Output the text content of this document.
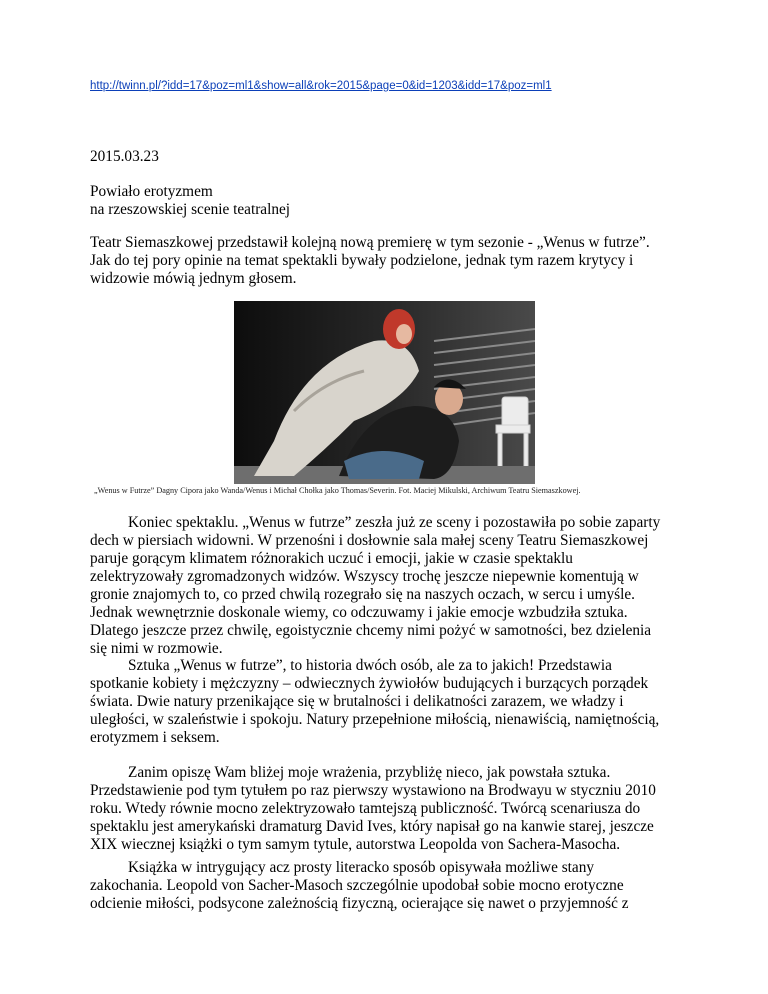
http://twinn.pl/?idd=17&poz=ml1&show=all&rok=2015&page=0&id=1203&idd=17&poz=ml1
2015.03.23
Powiało erotyzmem
na rzeszowskiej scenie teatralnej
Teatr Siemaszkowej przedstawił kolejną nową premierę w tym sezonie - „Wenus w futrze”.
Jak do tej pory opinie na temat spektakli bywały podzielone, jednak tym razem krytycy i
widzowie mówią jednym głosem.
„Wenus w Futrze” Dagny Cipora jako Wanda/Wenus i Michał Chołka jako Thomas/Severin. Fot. Maciej Mikulski, Archiwum Teatru Siemaszkowej.
Koniec spektaklu. „Wenus w futrze” zeszła już ze sceny i pozostawiła po sobie zaparty
dech w piersiach widowni. W przenośni i dosłownie sala małej sceny Teatru Siemaszkowej
paruje gorącym klimatem różnorakich uczuć i emocji, jakie w czasie spektaklu
zelektryzowały zgromadzonych widzów. Wszyscy trochę jeszcze niepewnie komentują w
gronie znajomych to, co przed chwilą rozegrało się na naszych oczach, w sercu i umyśle.
Jednak wewnętrznie doskonale wiemy, co odczuwamy i jakie emocje wzbudziła sztuka.
Dlatego jeszcze przez chwilę, egoistycznie chcemy nimi pożyć w samotności, bez dzielenia
się nimi w rozmowie.
Sztuka „Wenus w futrze”, to historia dwóch osób, ale za to jakich! Przedstawia
spotkanie kobiety i mężczyzny – odwiecznych żywiołów budujących i burzących porządek
świata. Dwie natury przenikające się w brutalności i delikatności zarazem, we władzy i
uległości, w szaleństwie i spokoju. Natury przepełnione miłością, nienawiścią, namiętnością,
erotyzmem i seksem.
Zanim opiszę Wam bliżej moje wrażenia, przybliżę nieco, jak powstała sztuka.
Przedstawienie pod tym tytułem po raz pierwszy wystawiono na Brodwayu w styczniu 2010
roku. Wtedy równie mocno zelektryzowało tamtejszą publiczność. Twórcą scenariusza do
spektaklu jest amerykański dramaturg David Ives, który napisał go na kanwie starej, jeszcze
XIX wiecznej książki o tym samym tytule, autorstwa Leopolda von Sachera-Masocha.
Książka w intrygujący acz prosty literacko sposób opisywała możliwe stany
zakochania. Leopold von Sacher-Masoch szczególnie upodobał sobie mocno erotyczne
odcienie miłości, podsycone zależnością fizyczną, ocierające się nawet o przyjemność z
